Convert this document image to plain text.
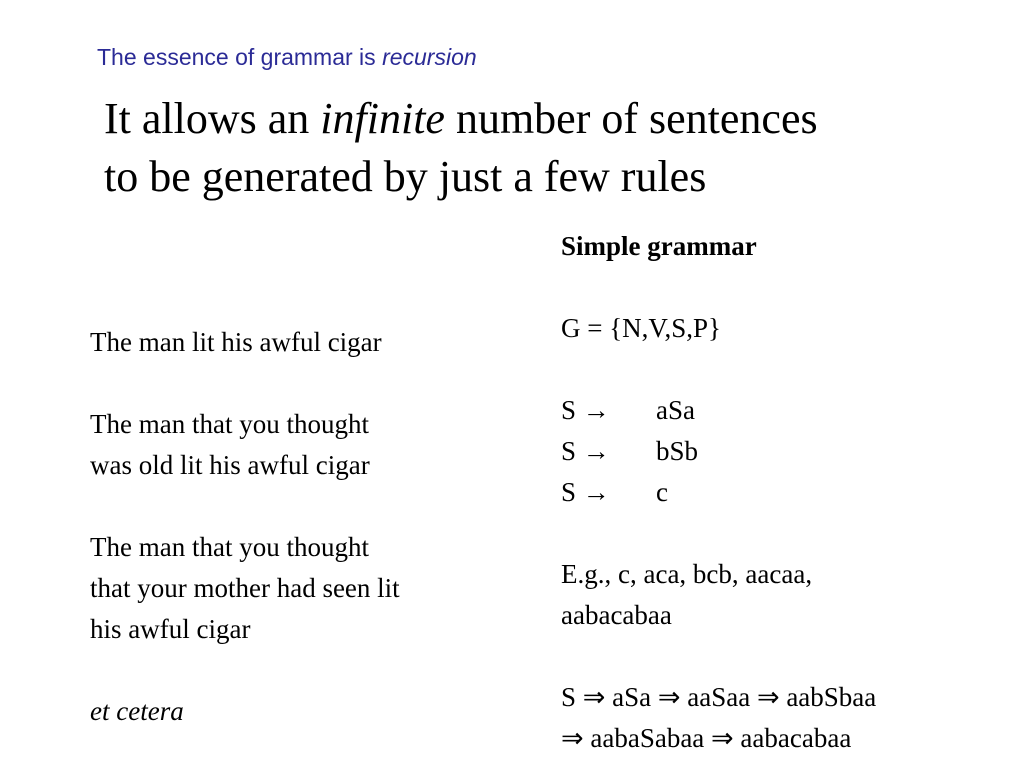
The essence of grammar is recursion
It allows an infinite number of sentences
to be generated by just a few rules
The man lit his awful cigar
The man that you thought
was old lit his awful cigar
The man that you thought
that your mother had seen lit
his awful cigar
et cetera
Simple grammar
G = {N,V,S,P}
S → aSa
S → bSb
S → c
E.g., c, aca, bcb, aacaa,
aabacabaa
S ⇒ aSa ⇒ aaSaa ⇒ aabSbaa
⇒ aabaSabaa ⇒ aabacabaa
